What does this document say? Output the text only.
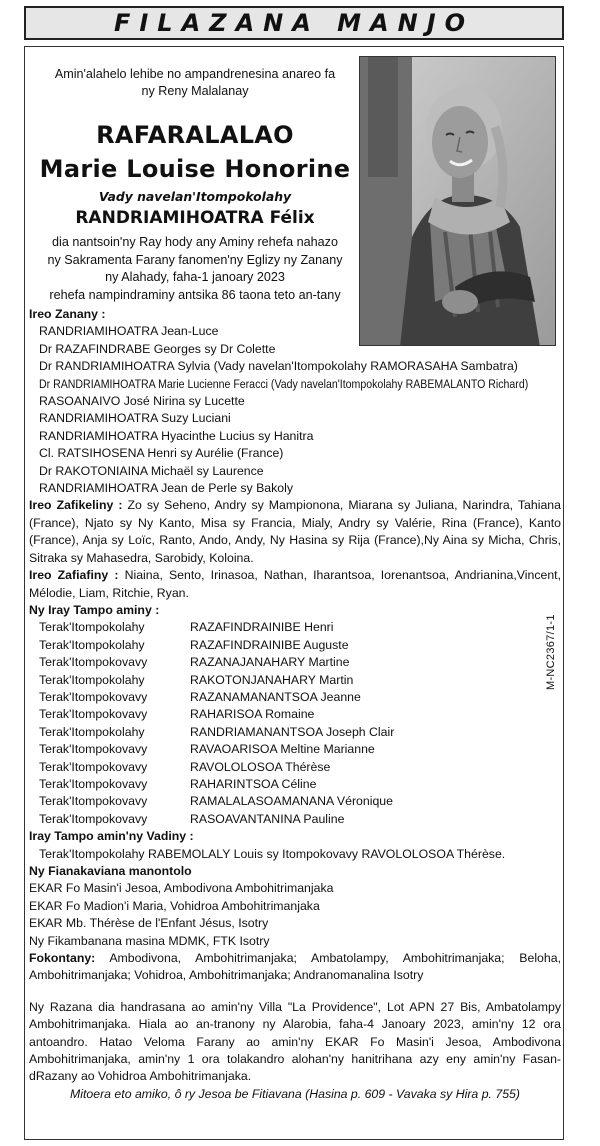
FILAZANA MANJO
Amin'alahelo lehibe no ampandrenesina anareo fa
ny Reny Malalanay
RAFARALALAO
Marie Louise Honorine
Vady navelan'Itompokolahy
RANDRIAMIHOATRA Félix
dia nantsoin'ny Ray hody any Aminy rehefa nahazo
ny Sakramenta Farany fanomen'ny Eglizy ny Zanany
ny Alahady, faha-1 janoary 2023
rehefa nampindraminy antsika 86 taona teto an-tany

Ireo Zanany :

RANDRIAMIHOATRA Jean-Luce

Dr RAZAFINDRABE Georges sy Dr Colette

Dr RANDRIAMIHOATRA Sylvia (Vady navelan'Itompokolahy RAMORASAHA Sambatra)

Dr RANDRIAMIHOATRA Marie Lucienne Feracci (Vady navelan'Itompokolahy RABEMALANTO Richard)

RASOANAIVO José Nirina sy Lucette

RANDRIAMIHOATRA Suzy Luciani

RANDRIAMIHOATRA Hyacinthe Lucius sy Hanitra

Cl. RATSIHOSENA Henri sy Aurélie (France)

Dr RAKOTONIAINA Michaël sy Laurence

RANDRIAMIHOATRA Jean de Perle sy Bakoly

Ireo Zafikeliny : Zo sy Seheno, Andry sy Mampionona, Miarana sy Juliana, Narindra, Tahiana (France), Njato sy Ny Kanto, Misa sy Francia, Mialy, Andry sy Valérie, Rina (France), Kanto (France), Anja sy Loïc, Ranto, Ando, Andy, Ny Hasina sy Rija (France),Ny Aina sy Micha, Chris, Sitraka sy Mahasedra, Sarobidy, Koloina.

Ireo Zafiafiny : Niaina, Sento, Irinasoa, Nathan, Iharantsoa, Iorenantsoa, Andrianina,Vincent, Mélodie, Liam, Ritchie, Ryan.

Ny Iray Tampo aminy :

Terak'Itompokolahy	RAZAFINDRAINIBE Henri
Terak'Itompokolahy	RAZAFINDRAINIBE Auguste
Terak'Itompokovavy	RAZANAJANAHARY Martine
Terak'Itompokolahy	RAKOTONJANAHARY Martin
Terak'Itompokovavy	RAZANAMANANTSOA Jeanne
Terak'Itompokovavy	RAHARISOA Romaine
Terak'Itompokolahy	RANDRIAMANANTSOA Joseph Clair
Terak'Itompokovavy	RAVAOARISOA Meltine Marianne
Terak'Itompokovavy	RAVOLOLOSOA Thérèse
Terak'Itompokovavy	RAHARINTSOA Céline
Terak'Itompokovavy	RAMALALASOAMANANA Véronique
Terak'Itompokovavy	RASOAVANTANINA Pauline

Iray Tampo amin'ny Vadiny :

Terak'Itompokolahy RABEMOLALY Louis sy Itompokovavy RAVOLOLOSOA Thérèse.

Ny Fianakaviana manontolo

EKAR Fo Masin'i Jesoa, Ambodivona Ambohitrimanjaka

EKAR Fo Madion'i Maria, Vohidroa Ambohitrimanjaka

EKAR Mb. Thérèse de l'Enfant Jésus, Isotry

Ny Fikambanana masina MDMK, FTK Isotry

Fokontany: Ambodivona, Ambohitrimanjaka; Ambatolampy, Ambohitrimanjaka; Beloha, Ambohitrimanjaka; Vohidroa, Ambohitrimanjaka; Andranomanalina Isotry

Ny Razana dia handrasana ao amin'ny Villa "La Providence", Lot APN 27 Bis, Ambatolampy Ambohitrimanjaka. Hiala ao an-tranony ny Alarobia, faha-4 Janoary 2023, amin'ny 12 ora antoandro. Hatao Veloma Farany ao amin'ny EKAR Fo Masin'i Jesoa, Ambodivona Ambohitrimanjaka, amin'ny 1 ora tolakandro alohan'ny hanitrihana azy eny amin'ny Fasan-dRazany ao Vohidroa Ambohitrimanjaka.

Mitoera eto amiko, ô ry Jesoa be Fitiavana (Hasina p. 609 - Vavaka sy Hira p. 755)

M-NC2367/1-1
